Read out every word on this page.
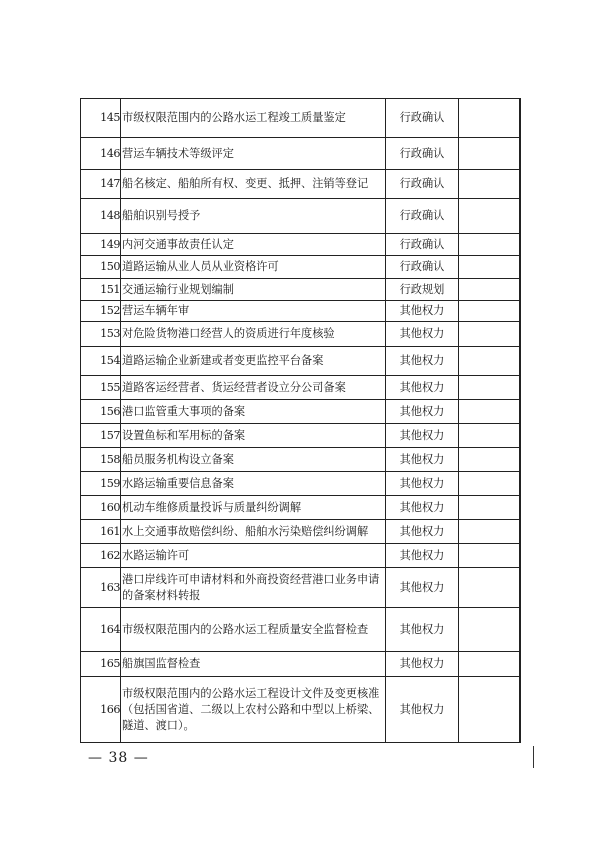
145	市级权限范围内的公路水运工程竣工质量鉴定	行政确认		
146	营运车辆技术等级评定	行政确认		
147	船名核定、船舶所有权、变更、抵押、注销等登记	行政确认		
148	船舶识别号授予	行政确认		
149	内河交通事故责任认定	行政确认		
150	道路运输从业人员从业资格许可	行政确认		
151	交通运输行业规划编制	行政规划		
152	营运车辆年审	其他权力		
153	对危险货物港口经营人的资质进行年度核验	其他权力		
154	道路运输企业新建或者变更监控平台备案	其他权力		
155	道路客运经营者、货运经营者设立分公司备案	其他权力		
156	港口监管重大事项的备案	其他权力		
157	设置鱼标和军用标的备案	其他权力		
158	船员服务机构设立备案	其他权力		
159	水路运输重要信息备案	其他权力		
160	机动车维修质量投诉与质量纠纷调解	其他权力		
161	水上交通事故赔偿纠纷、船舶水污染赔偿纠纷调解	其他权力		
162	水路运输许可	其他权力		
163	港口岸线许可申请材料和外商投资经营港口业务申请的备案材料转报	其他权力		
164	市级权限范围内的公路水运工程质量安全监督检查	其他权力		
165	船旗国监督检查	其他权力		
166	市级权限范围内的公路水运工程设计文件及变更核准（包括国省道、二级以上农村公路和中型以上桥梁、隧道、渡口）。	其他权力		
— 38 —
